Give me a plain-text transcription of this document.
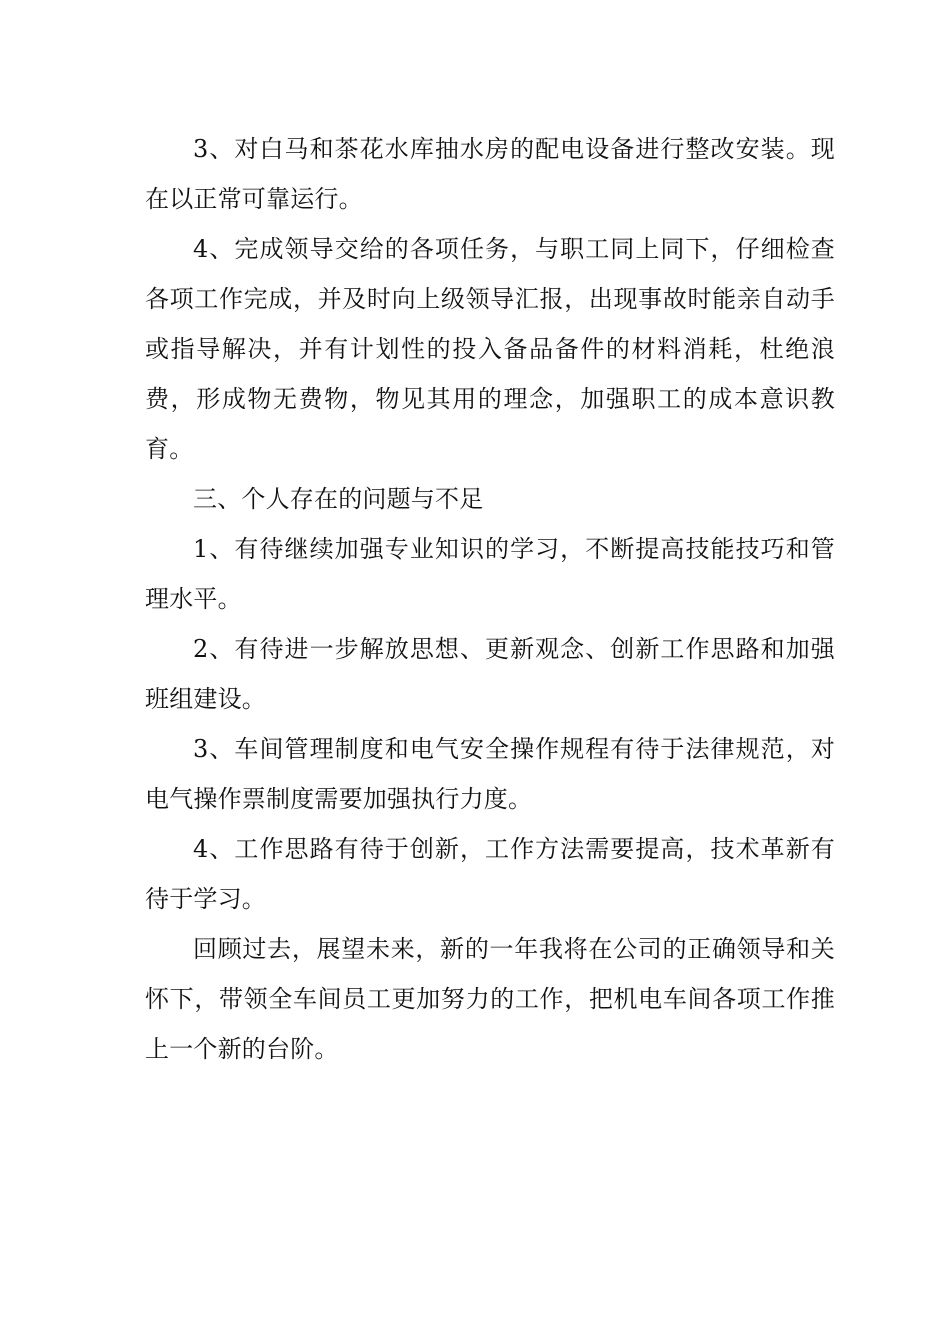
3、对白马和茶花水库抽水房的配电设备进行整改安装。现在以正常可靠运行。

4、完成领导交给的各项任务，与职工同上同下，仔细检查各项工作完成，并及时向上级领导汇报，出现事故时能亲自动手或指导解决，并有计划性的投入备品备件的材料消耗，杜绝浪费，形成物无费物，物见其用的理念，加强职工的成本意识教育。

三、个人存在的问题与不足

1、有待继续加强专业知识的学习，不断提高技能技巧和管理水平。

2、有待进一步解放思想、更新观念、创新工作思路和加强班组建设。

3、车间管理制度和电气安全操作规程有待于法律规范，对电气操作票制度需要加强执行力度。

4、工作思路有待于创新，工作方法需要提高，技术革新有待于学习。

回顾过去，展望未来，新的一年我将在公司的正确领导和关怀下，带领全车间员工更加努力的工作，把机电车间各项工作推上一个新的台阶。
